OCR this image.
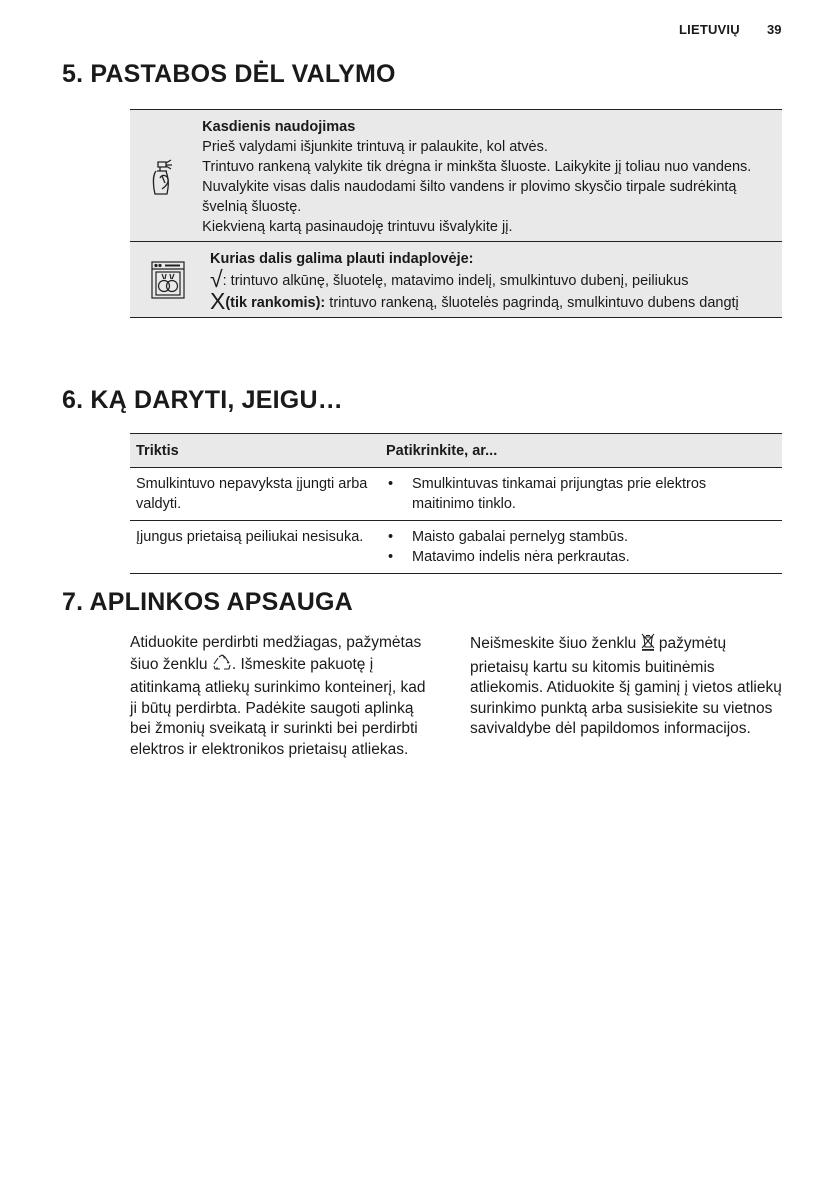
LIETUVIŲ 39
5. PASTABOS DĖL VALYMO
Kasdienis naudojimas
Prieš valydami išjunkite trintuvą ir palaukite, kol atvės.
Trintuvo rankeną valykite tik drėgna ir minkšta šluoste. Laikykite jį toliau nuo vandens.
Nuvalykite visas dalis naudodami šilto vandens ir plovimo skysčio tirpale sudrėkintą švelnią šluostę.
Kiekvieną kartą pasinaudoję trintuvu išvalykite jį.
Kurias dalis galima plauti indaplovėje:
√: trintuvo alkūnę, šluotelę, matavimo indelį, smulkintuvo dubenį, peiliukus
X(tik rankomis): trintuvo rankeną, šluotelės pagrindą, smulkintuvo dubens dangtį
6. KĄ DARYTI, JEIGU…
Triktis	Patikrinkite, ar...
Smulkintuvo nepavyksta įjungti arba valdyti.
•	Smulkintuvas tinkamai prijungtas prie elektros maitinimo tinklo.
Įjungus prietaisą peiliukai nesisuka.	•	Maisto gabalai pernelyg stambūs.
•	Matavimo indelis nėra perkrautas.
7. APLINKOS APSAUGA
Atiduokite perdirbti medžiagas, pažymėtas šiuo ženklu . Išmeskite pakuotę į atitinkamą atliekų surinkimo konteinerį, kad ji būtų perdirbta. Padėkite saugoti aplinką bei žmonių sveikatą ir surinkti bei perdirbti elektros ir elektronikos prietaisų atliekas.
Neišmeskite šiuo ženklu  pažymėtų prietaisų kartu su kitomis buitinėmis atliekomis. Atiduokite šį gaminį į vietos atliekų surinkimo punktą arba susisiekite su vietnos savivaldybe dėl papildomos informacijos.
